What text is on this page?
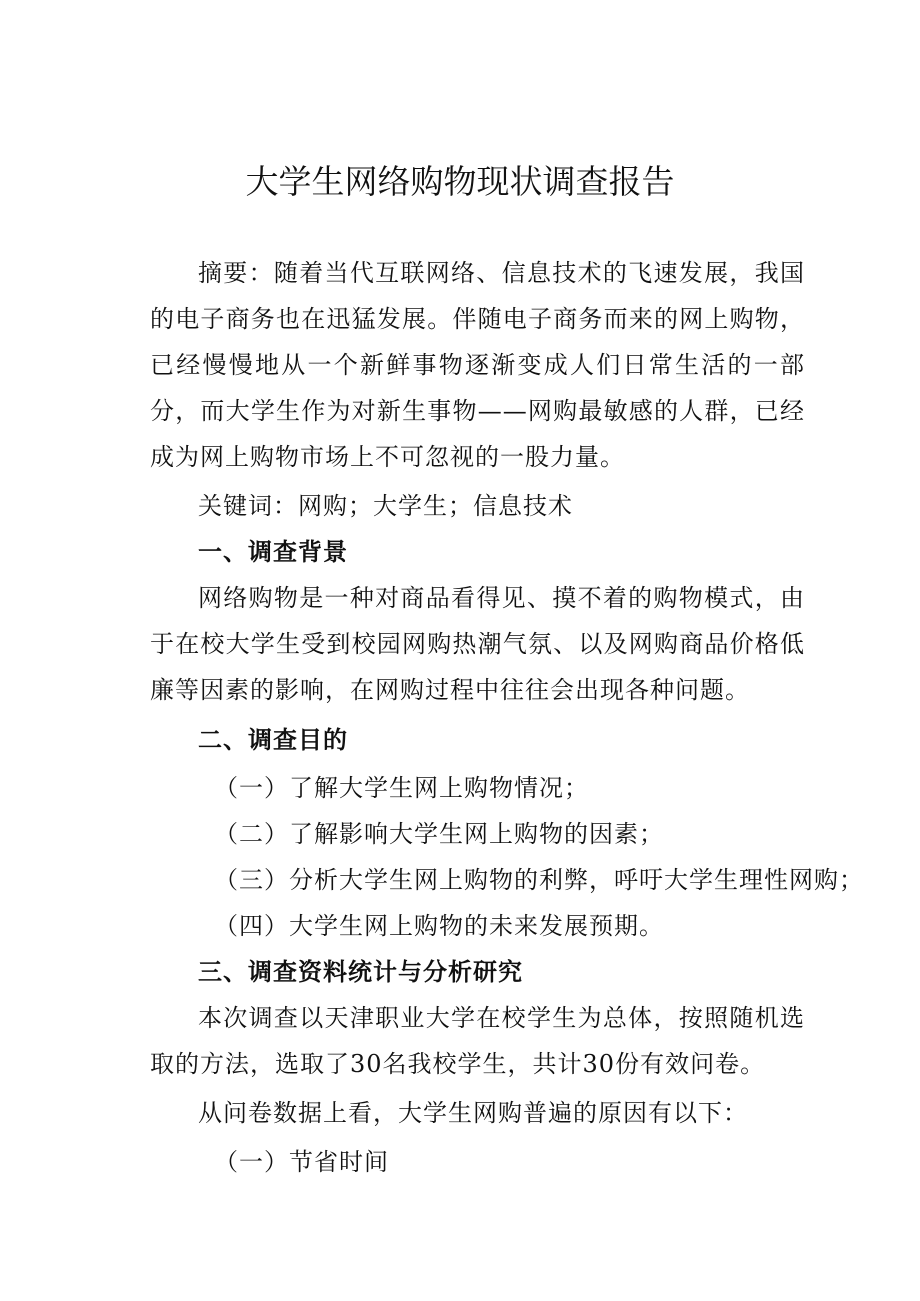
大学生网络购物现状调查报告

摘要：随着当代互联网络、信息技术的飞速发展，我国的电子商务也在迅猛发展。伴随电子商务而来的网上购物，已经慢慢地从一个新鲜事物逐渐变成人们日常生活的一部分，而大学生作为对新生事物——网购最敏感的人群，已经成为网上购物市场上不可忽视的一股力量。

关键词：网购；大学生；信息技术

一、调查背景

网络购物是一种对商品看得见、摸不着的购物模式，由于在校大学生受到校园网购热潮气氛、以及网购商品价格低廉等因素的影响，在网购过程中往往会出现各种问题。

二、调查目的

（一）了解大学生网上购物情况；

（二）了解影响大学生网上购物的因素；

（三）分析大学生网上购物的利弊，呼吁大学生理性网购；

（四）大学生网上购物的未来发展预期。

三、调查资料统计与分析研究

本次调查以天津职业大学在校学生为总体，按照随机选取的方法，选取了30名我校学生，共计30份有效问卷。

从问卷数据上看，大学生网购普遍的原因有以下：

（一）节省时间
